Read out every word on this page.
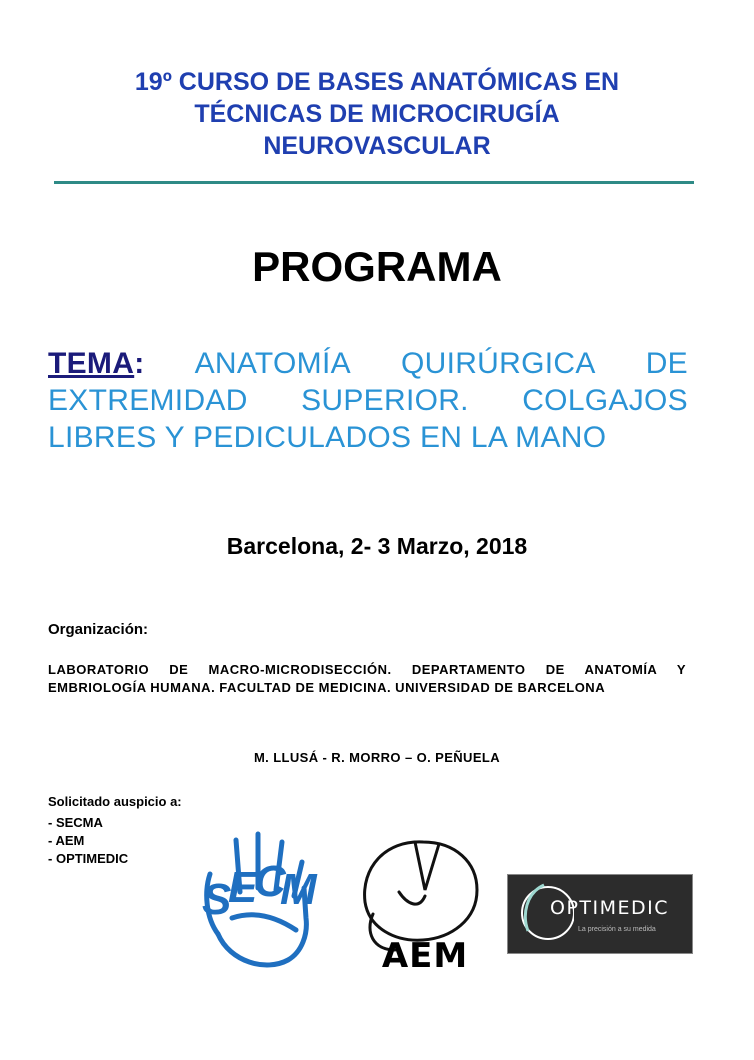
19º CURSO DE BASES ANATÓMICAS EN
TÉCNICAS DE MICROCIRUGÍA
NEUROVASCULAR
PROGRAMA
TEMA: ANATOMÍA QUIRÚRGICA DE EXTREMIDAD SUPERIOR. COLGAJOS LIBRES Y PEDICULADOS EN LA MANO
Barcelona, 2- 3 Marzo, 2018
Organización:
LABORATORIO DE MACRO-MICRODISECCIÓN. DEPARTAMENTO DE ANATOMÍA Y EMBRIOLOGÍA HUMANA. FACULTAD DE MEDICINA. UNIVERSIDAD DE BARCELONA
M. LLUSÁ - R. MORRO – O. PEÑUELA
Solicitado auspicio a:
- SECMA
- AEM
- OPTIMEDIC
S
E
C
M
AEM
OPTIMEDIC
La precisión a su medida
